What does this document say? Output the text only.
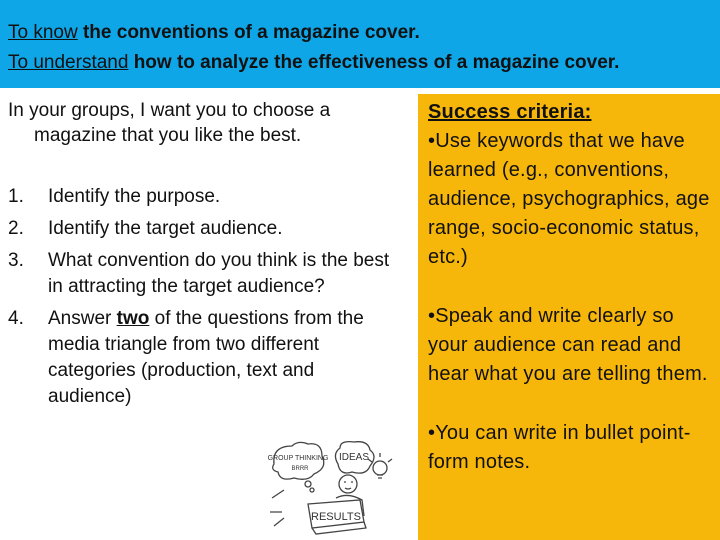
To know the conventions of a magazine cover.
To understand how to analyze the effectiveness of a magazine cover.

In your groups, I want you to choose a magazine that you like the best.

1. Identify the purpose.
2. Identify the target audience.
3. What convention do you think is the best in attracting the target audience?
4. Answer two of the questions from the media triangle from two different categories (production, text and audience)
GROUP THINKING
BRRR
IDEAS
RESULTS

Success criteria:

•Use keywords that we have learned (e.g., conventions, audience, psychographics, age range, socio-economic status, etc.)

•Speak and write clearly so your audience can read and hear what you are telling them.

•You can write in bullet point-form notes.
